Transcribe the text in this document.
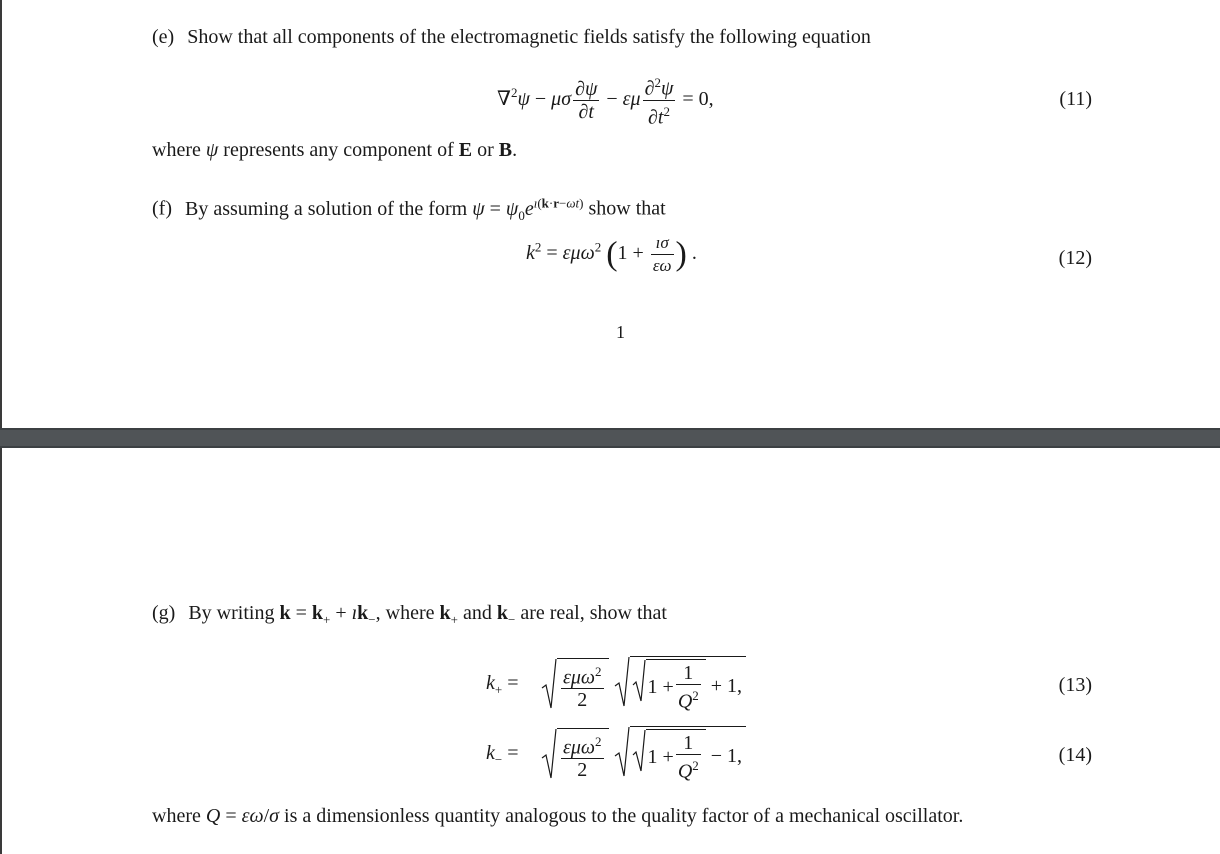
(e) Show that all components of the electromagnetic fields satisfy the following equation
∇$^2$ψ − μσ $\frac{\partial\psi}{\partial t} - \varepsilon\mu \frac{\partial^2\psi}{\partial t^2} = 0$,	(11)
where ψ represents any component of E or B.
(f) By assuming a solution of the form $\psi = \psi_0e^{ı(k\cdot r-\omega t)}$ show that
$k^2 = \varepsilon\mu\omega^2$ ($1 + \frac{ı\sigma}{\varepsilon\omega}$ ) .	(12)
1
(g) By writing $k = k_+$ + $ık_-$, where $k_+$ and $k_-$ are real, show that
$k_+ = \frac{\varepsilon\mu\omega^2}{2}$
$1 + \frac{1}{Q^2} + 1$,	(13)
$k_- = \frac{\varepsilon\mu\omega^2}{2}$
$1 + \frac{1}{Q^2} - 1$,	(14)
where Q = εω/σ is a dimensionless quantity analogous to the quality factor of a mechanical oscillator.
